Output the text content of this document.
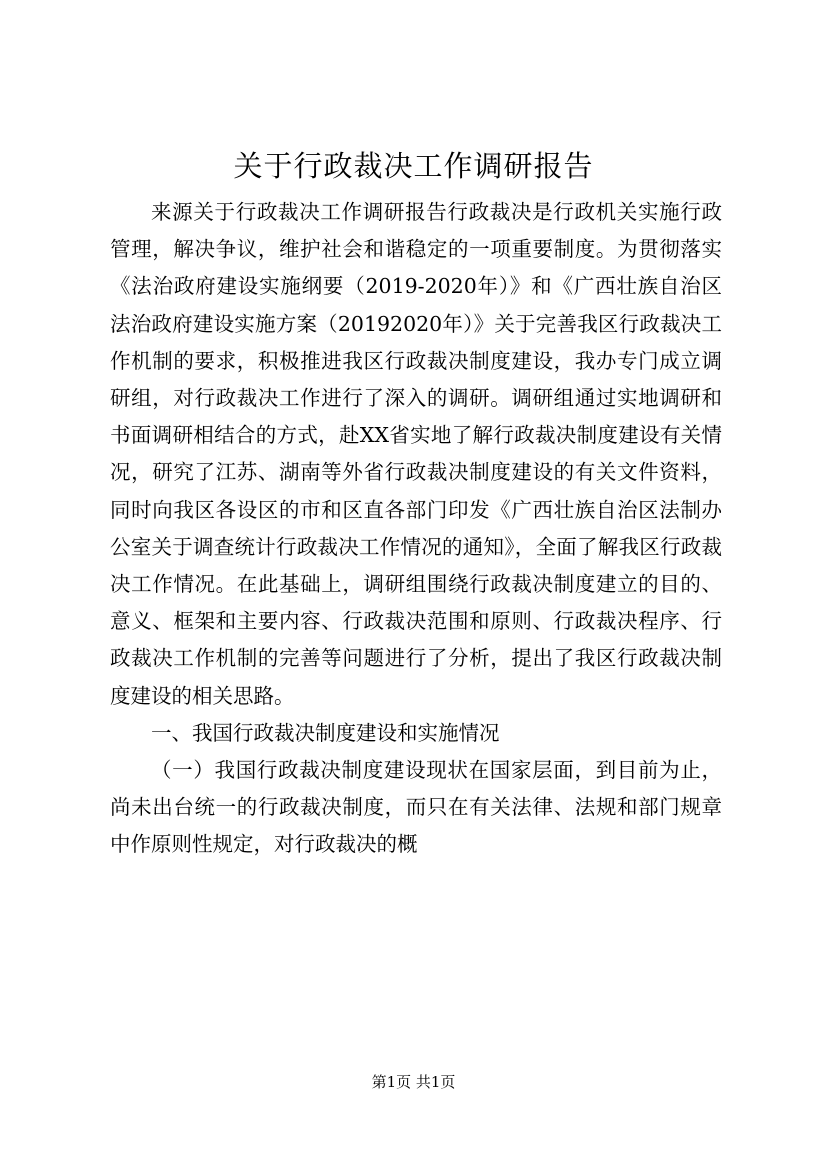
关于行政裁决工作调研报告

来源关于行政裁决工作调研报告行政裁决是行政机关实施行政管理，解决争议，维护社会和谐稳定的一项重要制度。为贯彻落实《法治政府建设实施纲要（2019-2020年）》和《广西壮族自治区法治政府建设实施方案（20192020年）》关于完善我区行政裁决工作机制的要求，积极推进我区行政裁决制度建设，我办专门成立调研组，对行政裁决工作进行了深入的调研。调研组通过实地调研和书面调研相结合的方式，赴XX省实地了解行政裁决制度建设有关情况，研究了江苏、湖南等外省行政裁决制度建设的有关文件资料，同时向我区各设区的市和区直各部门印发《广西壮族自治区法制办公室关于调查统计行政裁决工作情况的通知》，全面了解我区行政裁决工作情况。在此基础上，调研组围绕行政裁决制度建立的目的、意义、框架和主要内容、行政裁决范围和原则、行政裁决程序、行政裁决工作机制的完善等问题进行了分析，提出了我区行政裁决制度建设的相关思路。

一、我国行政裁决制度建设和实施情况

（一）我国行政裁决制度建设现状在国家层面，到目前为止，尚未出台统一的行政裁决制度，而只在有关法律、法规和部门规章中作原则性规定，对行政裁决的概

第1页 共1页
